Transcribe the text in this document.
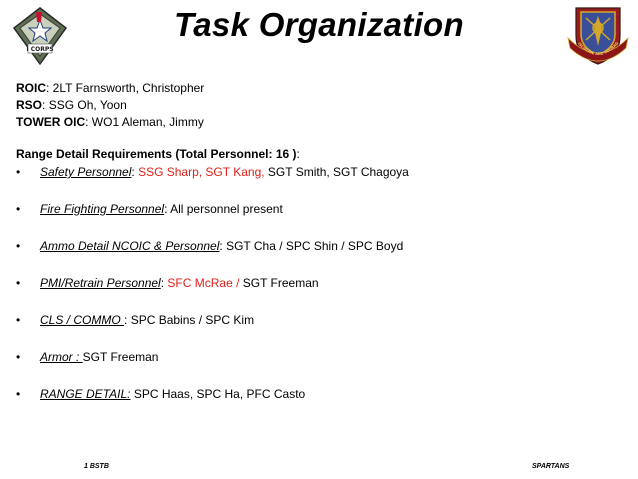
I CORPS
Task Organization
ISCIPLINE AND COURAG
ROIC: 2LT Farnsworth, Christopher
RSO: SSG Oh, Yoon
TOWER OIC: WO1 Aleman, Jimmy
Range Detail Requirements (Total Personnel: 16 ):
• Safety Personnel: SSG Sharp, SGT Kang, SGT Smith, SGT Chagoya
• Fire Fighting Personnel: All personnel present
• Ammo Detail NCOIC & Personnel: SGT Cha / SPC Shin / SPC Boyd
• PMI/Retrain Personnel: SFC McRae / SGT Freeman
• CLS / COMMO : SPC Babins / SPC Kim
• Armor : SGT Freeman
• RANGE DETAIL: SPC Haas, SPC Ha, PFC Casto
1 BSTB	SPARTANS
